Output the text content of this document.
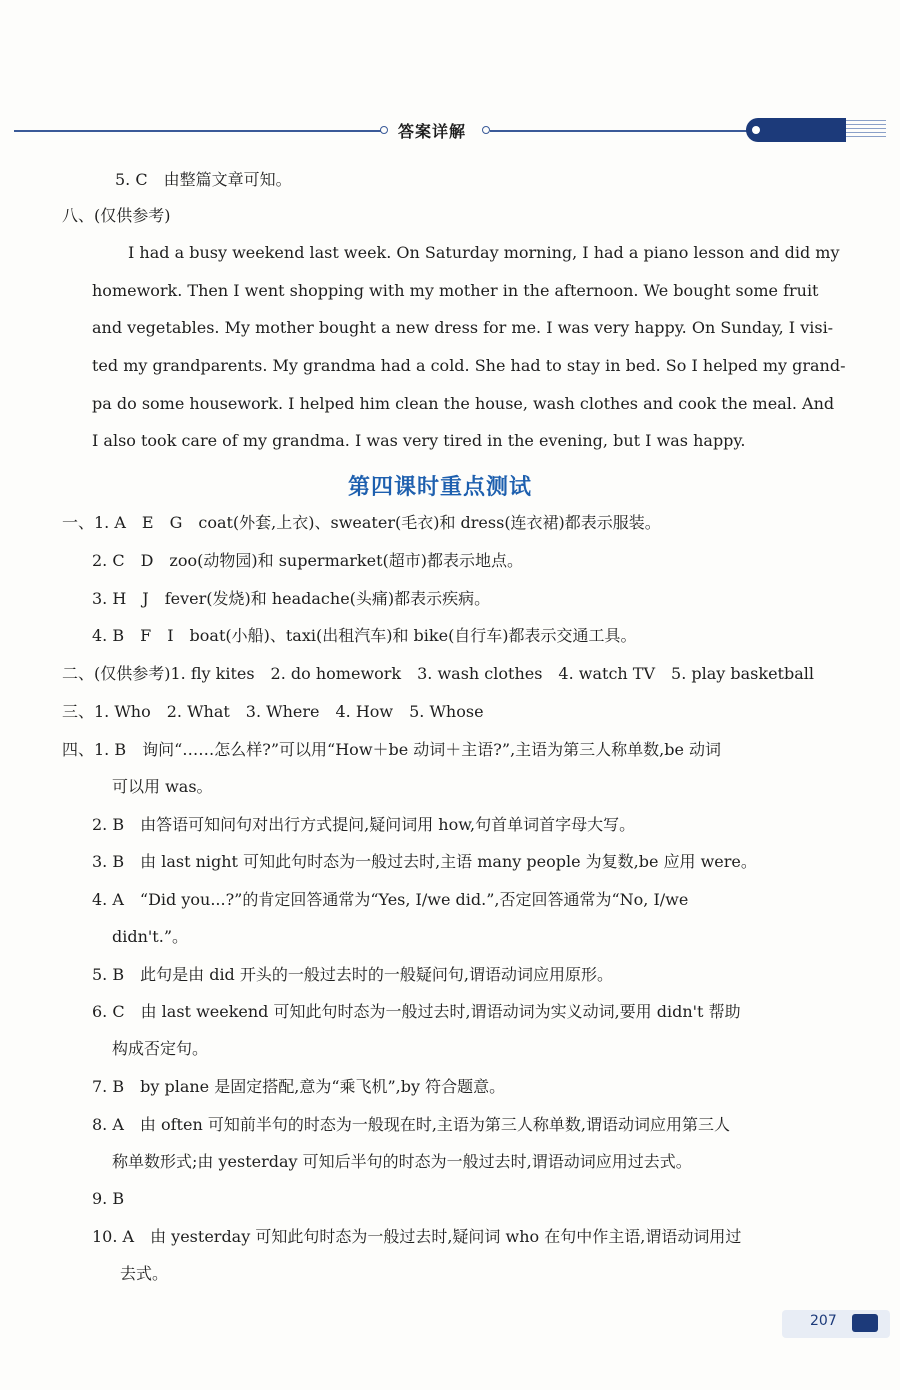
答案详解
5. C　由整篇文章可知。
八、(仅供参考)
I had a busy weekend last week. On Saturday morning, I had a piano lesson and did my
homework. Then I went shopping with my mother in the afternoon. We bought some fruit
and vegetables. My mother bought a new dress for me. I was very happy. On Sunday, I visi-
ted my grandparents. My grandma had a cold. She had to stay in bed. So I helped my grand-
pa do some housework. I helped him clean the house, wash clothes and cook the meal. And
I also took care of my grandma. I was very tired in the evening, but I was happy.
第四课时重点测试
一、1. A　E　G　coat(外套,上衣)、sweater(毛衣)和 dress(连衣裙)都表示服装。
2. C　D　zoo(动物园)和 supermarket(超市)都表示地点。
3. H　J　fever(发烧)和 headache(头痛)都表示疾病。
4. B　F　I　boat(小船)、taxi(出租汽车)和 bike(自行车)都表示交通工具。
二、(仅供参考)1. fly kites　2. do homework　3. wash clothes　4. watch TV　5. play basketball
三、1. Who　2. What　3. Where　4. How　5. Whose
四、1. B　询问“……怎么样?”可以用“How＋be 动词＋主语?”,主语为第三人称单数,be 动词
可以用 was。
2. B　由答语可知问句对出行方式提问,疑问词用 how,句首单词首字母大写。
3. B　由 last night 可知此句时态为一般过去时,主语 many people 为复数,be 应用 were。
4. A　“Did you...?”的肯定回答通常为“Yes, I/we did.”,否定回答通常为“No, I/we
didn't.”。
5. B　此句是由 did 开头的一般过去时的一般疑问句,谓语动词应用原形。
6. C　由 last weekend 可知此句时态为一般过去时,谓语动词为实义动词,要用 didn't 帮助
构成否定句。
7. B　by plane 是固定搭配,意为“乘飞机”,by 符合题意。
8. A　由 often 可知前半句的时态为一般现在时,主语为第三人称单数,谓语动词应用第三人
称单数形式;由 yesterday 可知后半句的时态为一般过去时,谓语动词应用过去式。
9. B
10. A　由 yesterday 可知此句时态为一般过去时,疑问词 who 在句中作主语,谓语动词用过
去式。
207
